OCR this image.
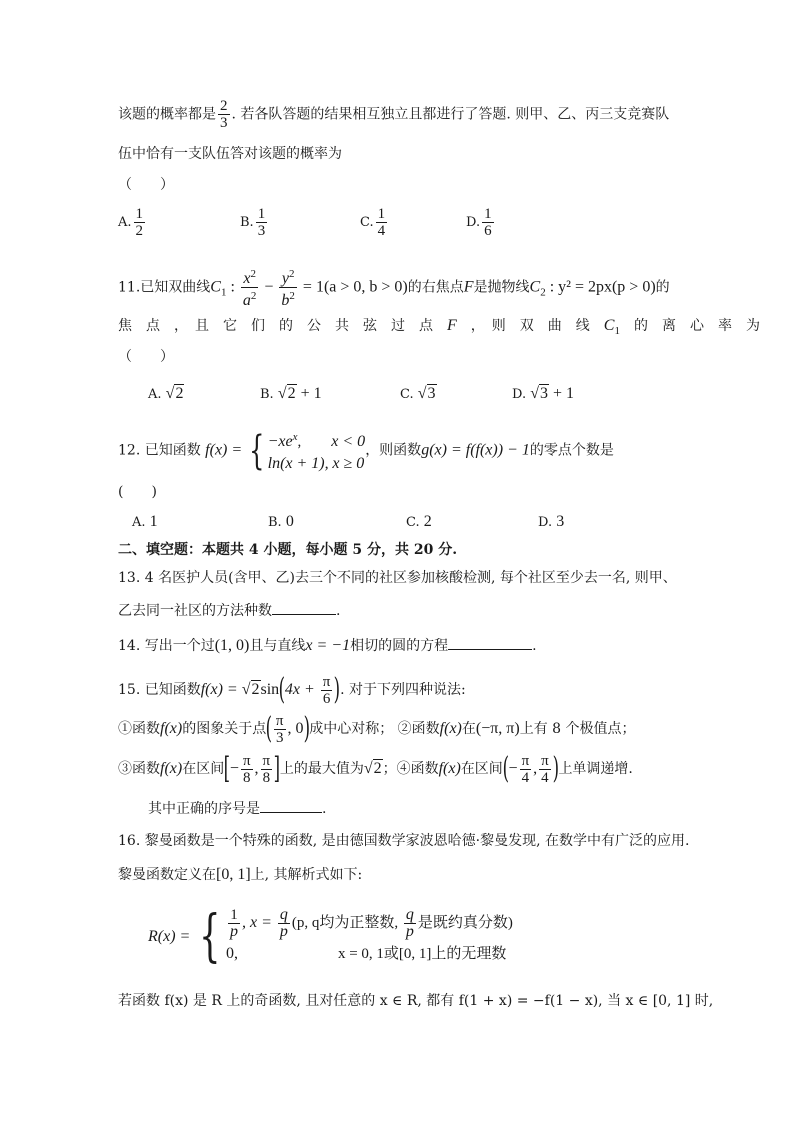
该题的概率都是 $\frac{2}{3}$ . 若各队答题的结果相互独立且都进行了答题. 则甲、乙、丙三支竞赛队
伍中恰有一支队伍答对该题的概率为
（　　）
A. $\frac{1}{2}$	B. $\frac{1}{3}$	C. $\frac{1}{4}$	D. $\frac{1}{6}$
11.已知双曲线$C_1$ : $\frac{x^2}{a^2} - \frac{y^2}{b^2} = 1(a > 0$, b > 0)的右焦点F是抛物线$C_2$ : y² = 2px(p > 0)的
焦　点　，　且　它　们　的　公　共　弦　过　点　 F　 ，　则　双　曲　线　 $C_1$　 的　离　心　率　为
（　　）
A. √2	B. √2 + 1	C. √3	D. √3 + 1
12. 已知函数 f(x) = { $-xe^x$,　　x < 0
ln(x + 1), x ≥ 0
，则函数g(x) = f(f(x)) − 1的零点个数是
(　　)
A. 1	B. 0	C. 2	D. 3
二、填空题：本题共 4 小题，每小题 5 分，共 20 分.
13. 4 名医护人员(含甲、乙)去三个不同的社区参加核酸检测, 每个社区至少去一名, 则甲、
乙去同一社区的方法种数	.
14. 写出一个过(1, 0)且与直线x = −1相切的圆的方程	.
15. 已知函数$f(x) = √2\sin(4x + \frac{\pi}{6}$ ). 对于下列四种说法:
①函数f(x)的图象关于点( $\frac{\pi}{3}$ , 0)成中心对称； ②函数f(x)在(−π, π)上有 8 个极值点；
③函数f(x)在区间[− $\frac{\pi}{8}$ , $\frac{\pi}{8}$ ]上的最大值为√2；④函数f(x)在区间(− $\frac{\pi}{4}$ , $\frac{\pi}{4}$ )上单调递增.
其中正确的序号是	.
16. 黎曼函数是一个特殊的函数, 是由德国数学家波恩哈德·黎曼发现, 在数学中有广泛的应用.
黎曼函数定义在[0, 1]上, 其解析式如下:
R(x) = { $\frac{1}{p}$ , $x = \frac{q}{p} (p$, q均为正整数, $\frac{q}{p}$ 是既约真分数)
0,	x = 0, 1或[0, 1]上的无理数
若函数 f(x) 是 R 上的奇函数, 且对任意的 x ∈ R, 都有 f(1 + x) = −f(1 − x), 当 x ∈ [0, 1] 时,
